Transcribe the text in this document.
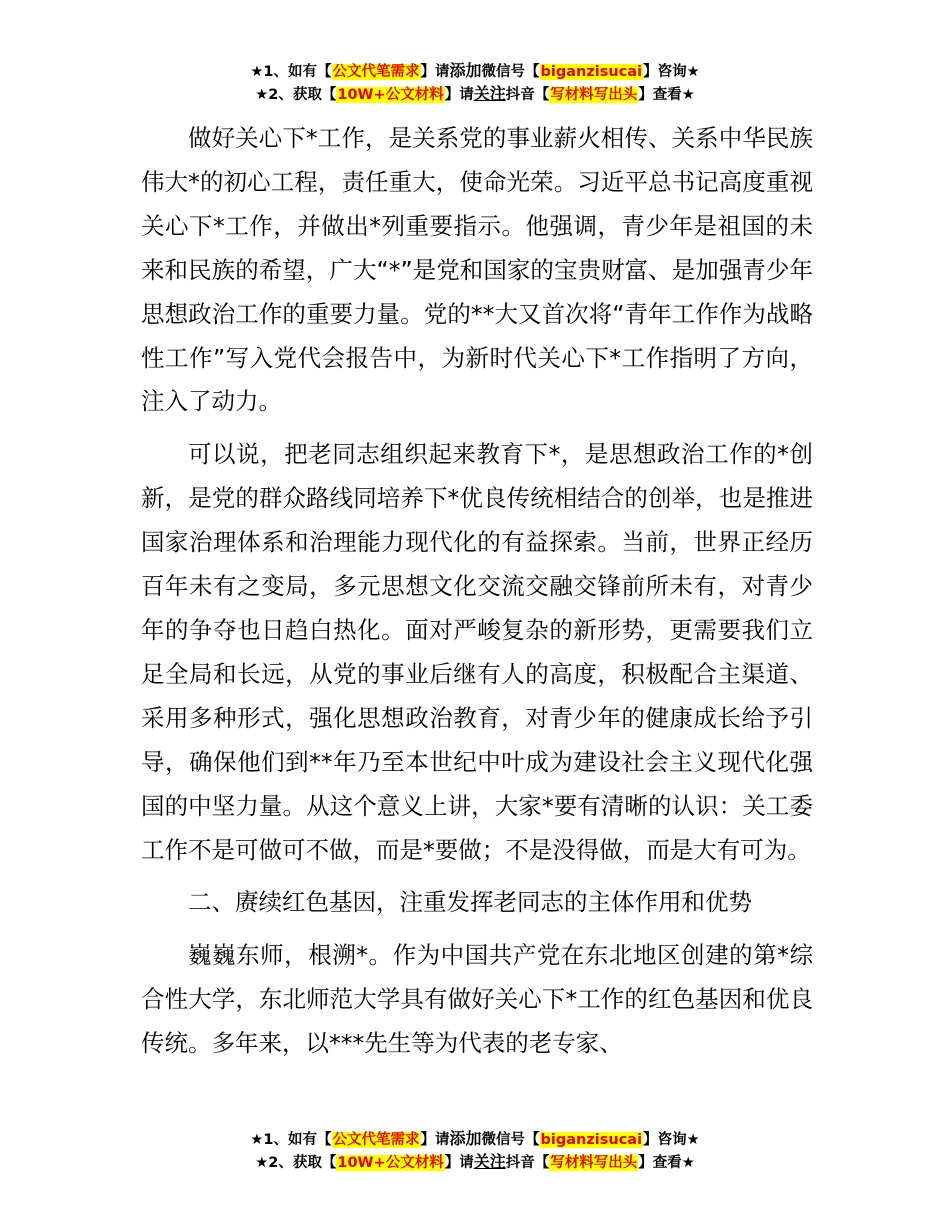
★1、如有【公文代笔需求】请添加微信号【biganzisucai】咨询★
★2、获取【10W+公文材料】请关注抖音【写材料写出头】查看★

做好关心下*工作，是关系党的事业薪火相传、关系中华民族伟大*的初心工程，责任重大，使命光荣。习近平总书记高度重视关心下*工作，并做出*列重要指示。他强调，青少年是祖国的未来和民族的希望，广大“*”是党和国家的宝贵财富、是加强青少年思想政治工作的重要力量。党的**大又首次将“青年工作作为战略性工作”写入党代会报告中，为新时代关心下*工作指明了方向，注入了动力。

可以说，把老同志组织起来教育下*，是思想政治工作的*创新，是党的群众路线同培养下*优良传统相结合的创举，也是推进国家治理体系和治理能力现代化的有益探索。当前，世界正经历百年未有之变局，多元思想文化交流交融交锋前所未有，对青少年的争夺也日趋白热化。面对严峻复杂的新形势，更需要我们立足全局和长远，从党的事业后继有人的高度，积极配合主渠道、采用多种形式，强化思想政治教育，对青少年的健康成长给予引导，确保他们到**年乃至本世纪中叶成为建设社会主义现代化强国的中坚力量。从这个意义上讲，大家*要有清晰的认识：关工委工作不是可做可不做，而是*要做；不是没得做，而是大有可为。

二、赓续红色基因，注重发挥老同志的主体作用和优势

巍巍东师，根溯*。作为中国共产党在东北地区创建的第*综合性大学，东北师范大学具有做好关心下*工作的红色基因和优良传统。多年来，以***先生等为代表的老专家、

★1、如有【公文代笔需求】请添加微信号【biganzisucai】咨询★
★2、获取【10W+公文材料】请关注抖音【写材料写出头】查看★
